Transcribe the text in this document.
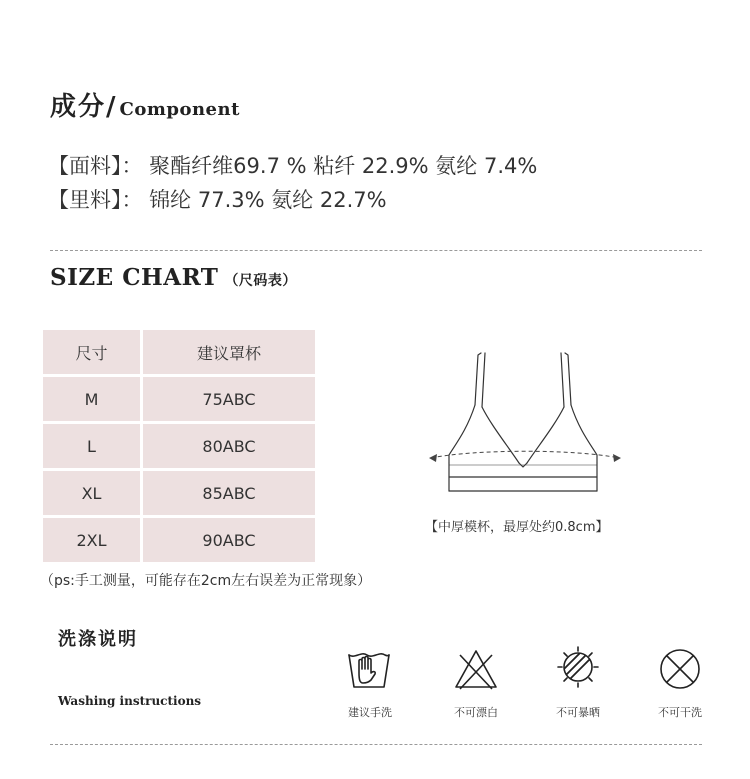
成分/ Component
【面料】： 聚酯纤维69.7 % 粘纤 22.9% 氨纶 7.4%
【里料】： 锦纶 77.3% 氨纶 22.7%
SIZE CHART （尺码表）
尺寸	建议罩杯
M	75ABC
L	80ABC
XL	85ABC
2XL	90ABC
（ps:手工测量，可能存在2cm左右误差为正常现象）
【中厚模杯，最厚处约0.8cm】
洗涤说明
Washing instructions
建议手洗	不可漂白	不可暴晒	不可干洗
